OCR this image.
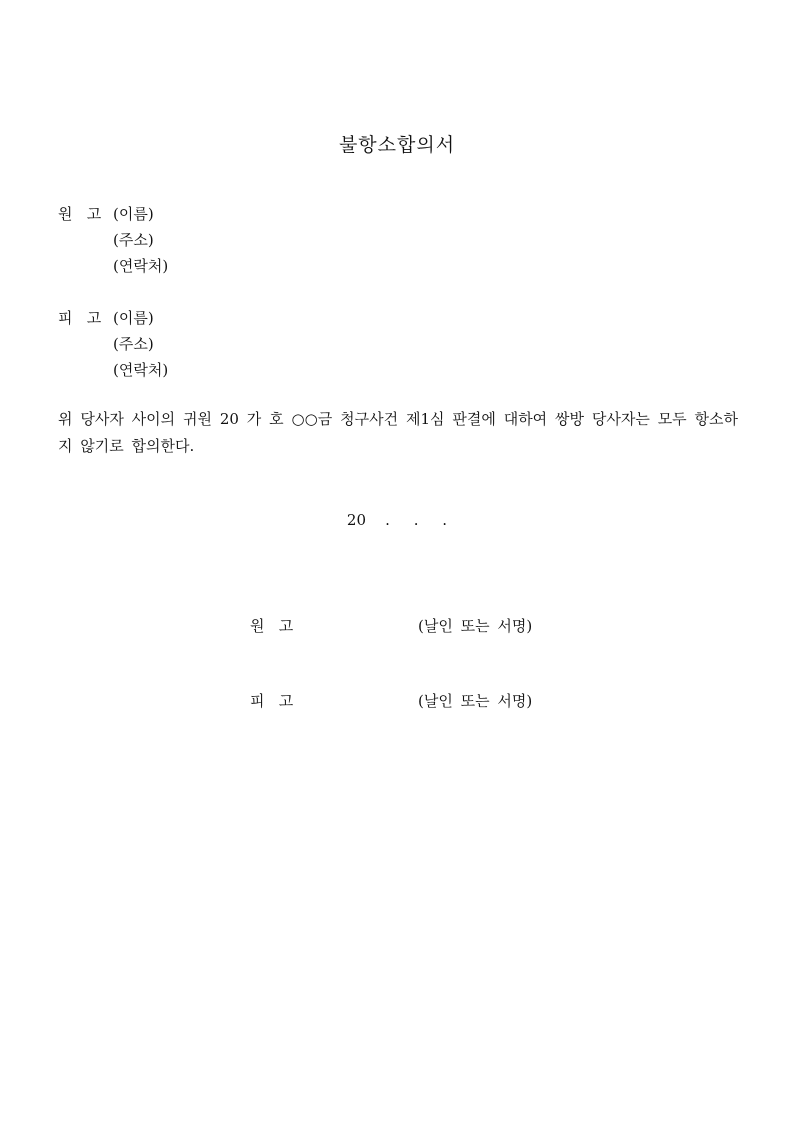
불항소합의서
원   고 (이름)
(주소)
(연락처)
피   고 (이름)
(주소)
(연락처)
위 당사자 사이의 귀원 20 가 호 ○○금 청구사건 제1심 판결에 대하여 쌍방 당사자는 모두 항소하지 않기로 합의한다.
20    .     .     .
원   고	(날인 또는 서명)
피   고	(날인 또는 서명)
